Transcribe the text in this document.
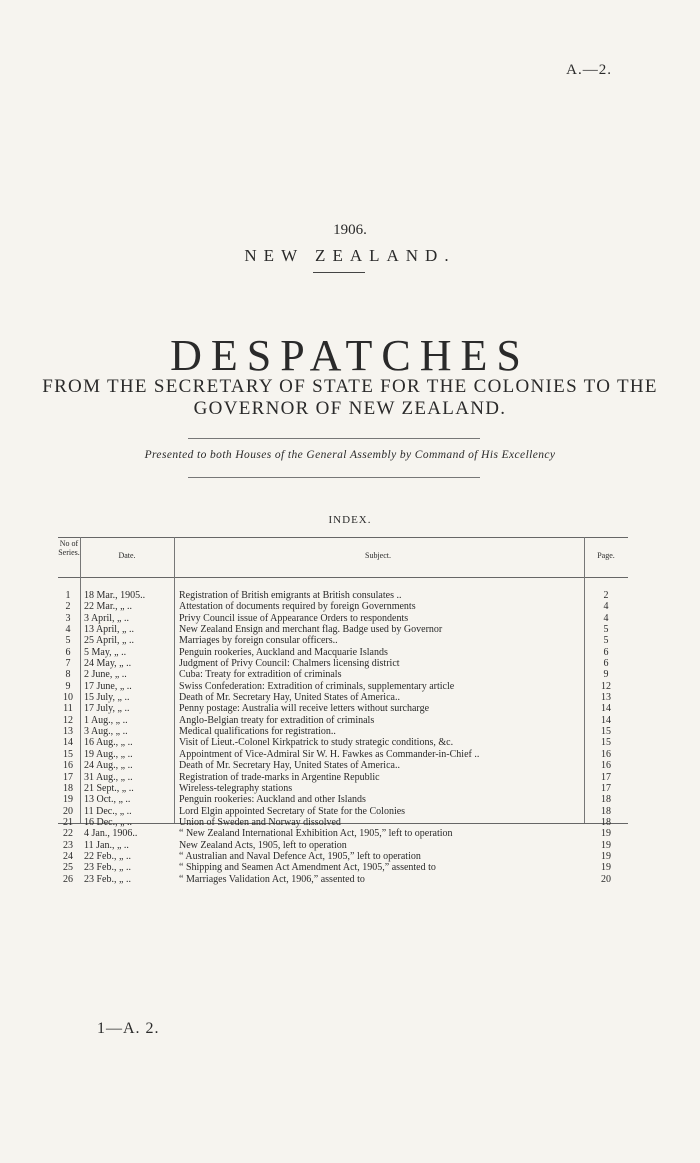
A.—2.
1906.
NEW ZEALAND.
DESPATCHES
FROM THE SECRETARY OF STATE FOR THE COLONIES TO THE
GOVERNOR OF NEW ZEALAND.
Presented to both Houses of the General Assembly by Command of His Excellency
INDEX.
No of Series.	Date.	Subject.	Page.
1	18 Mar., 1905..	Registration of British emigrants at British consulates ..	2
2	22 Mar., „ ..	Attestation of documents required by foreign Governments	4
3	3 April, „ ..	Privy Council issue of Appearance Orders to respondents	4
4	13 April, „ ..	New Zealand Ensign and merchant flag. Badge used by Governor	5
5	25 April, „ ..	Marriages by foreign consular officers..	5
6	5 May, „ ..	Penguin rookeries, Auckland and Macquarie Islands	6
7	24 May, „ ..	Judgment of Privy Council: Chalmers licensing district	6
8	2 June, „ ..	Cuba: Treaty for extradition of criminals	9
9	17 June, „ ..	Swiss Confederation: Extradition of criminals, supplementary article	12
10	15 July, „ ..	Death of Mr. Secretary Hay, United States of America..	13
11	17 July, „ ..	Penny postage: Australia will receive letters without surcharge	14
12	1 Aug., „ ..	Anglo-Belgian treaty for extradition of criminals	14
13	3 Aug., „ ..	Medical qualifications for registration..	15
14	16 Aug., „ ..	Visit of Lieut.-Colonel Kirkpatrick to study strategic conditions, &c.	15
15	19 Aug., „ ..	Appointment of Vice-Admiral Sir W. H. Fawkes as Commander-in-Chief ..	16
16	24 Aug., „ ..	Death of Mr. Secretary Hay, United States of America..	16
17	31 Aug., „ ..	Registration of trade-marks in Argentine Republic	17
18	21 Sept., „ ..	Wireless-telegraphy stations	17
19	13 Oct., „ ..	Penguin rookeries: Auckland and other Islands	18
20	11 Dec., „ ..	Lord Elgin appointed Secretary of State for the Colonies	18
21	16 Dec., „ ..	Union of Sweden and Norway dissolved	18
22	4 Jan., 1906..	“ New Zealand International Exhibition Act, 1905,” left to operation	19
23	11 Jan., „ ..	New Zealand Acts, 1905, left to operation	19
24	22 Feb., „ ..	“ Australian and Naval Defence Act, 1905,” left to operation	19
25	23 Feb., „ ..	“ Shipping and Seamen Act Amendment Act, 1905,” assented to	19
26	23 Feb., „ ..	“ Marriages Validation Act, 1906,” assented to	20
1—A. 2.
